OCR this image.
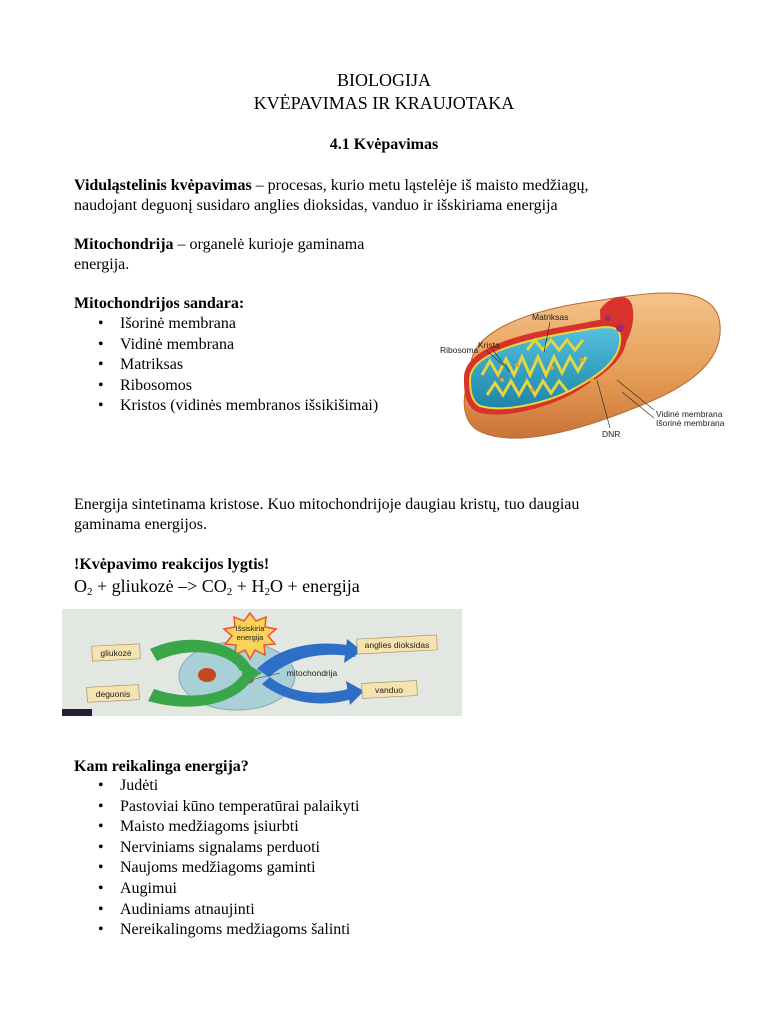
BIOLOGIJA
KVĖPAVIMAS IR KRAUJOTAKA
4.1 Kvėpavimas
Viduląstelinis kvėpavimas – procesas, kurio metu ląstelėje iš maisto medžiagų,
naudojant deguonį susidaro anglies dioksidas, vanduo ir išskiriama energija
Mitochondrija – organelė kurioje gaminama
energija.
Mitochondrijos sandara:
• Išorinė membrana
• Vidinė membrana
• Matriksas
• Ribosomos
• Kristos (vidinės membranos išsikišimai)
Matriksas
Krista
Ribosoma
Vidinė membrana
Išorinė membrana
DNR
Energija sintetinama kristose. Kuo mitochondrijoje daugiau kristų, tuo daugiau
gaminama energijos.
!Kvėpavimo reakcijos lygtis!
$O_2$ + gliukozė –> $CO_2 + H_2O$ + energija
Išsiskiria
energija
gliukozė
deguonis
anglies dioksidas
mitochondrija
vanduo
Kam reikalinga energija?
• Judėti
• Pastoviai kūno temperatūrai palaikyti
• Maisto medžiagoms įsiurbti
• Nerviniams signalams perduoti
• Naujoms medžiagoms gaminti
• Augimui
• Audiniams atnaujinti
• Nereikalingoms medžiagoms šalinti
